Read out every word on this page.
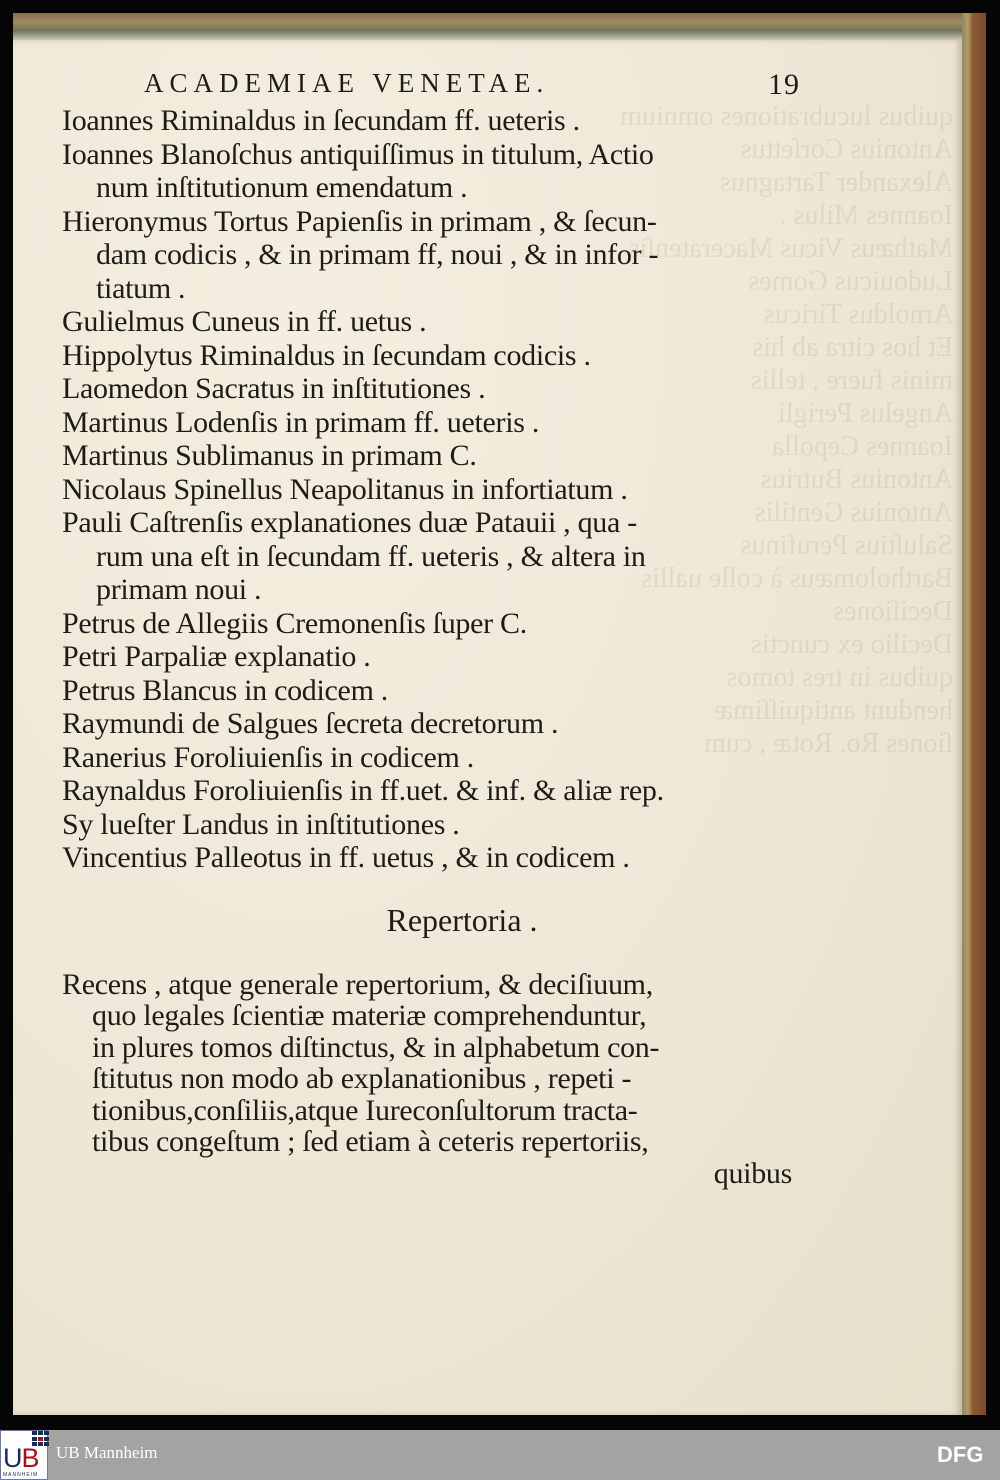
quibus lucubrationes omnium
Antonius Corſettus
Alexander Tartagnus
Ioannes Milus .
Mathæus Vicus Maceratenſis
Ludouicus Gomes
Arnoldus Tiricus
Et hos citra ab his
minis fuere , tellis
Angelus Perigli
Ioannes Cepolla
Antonius Butrius
Antonius Gentilis
Saluſtius Perufinus
Bartholomæus à colle uallis
Deciſiones
Decilio ex cunctis
quibus in tres tomos
hendunt antiquiſſimæ
ſiones Ro. Rotæ , cum
ACADEMIAE VENETAE.	19
Ioannes Riminaldus in ſecundam ff. ueteris .
Ioannes Blanoſchus antiquiſſimus in titulum, Actio
num inſtitutionum emendatum .
Hieronymus Tortus Papienſis in primam , & ſecun-
dam codicis , & in primam ff, noui , & in infor -
tiatum .
Gulielmus Cuneus in ff. uetus .
Hippolytus Riminaldus in ſecundam codicis .
Laomedon Sacratus in inſtitutiones .
Martinus Lodenſis in primam ff. ueteris .
Martinus Sublimanus in primam C.
Nicolaus Spinellus Neapolitanus in infortiatum .
Pauli Caſtrenſis explanationes duæ Patauii , qua -
rum una eſt in ſecundam ff. ueteris , & altera in
primam noui .
Petrus de Allegiis Cremonenſis ſuper C.
Petri Parpaliæ explanatio .
Petrus Blancus in codicem .
Raymundi de Salgues ſecreta decretorum .
Ranerius Foroliuienſis in codicem .
Raynaldus Foroliuienſis in ff.uet. & inf. & aliæ rep.
Sy lueſter Landus in inſtitutiones .
Vincentius Palleotus in ff. uetus , & in codicem .
Repertoria .
Recens , atque generale repertorium, & deciſiuum,
quo legales ſcientiæ materiæ comprehenduntur,
in plures tomos diſtinctus, & in alphabetum con-
ſtitutus non modo ab explanationibus , repeti -
tionibus,conſiliis,atque Iureconſultorum tracta-
tibus congeſtum ; ſed etiam à ceteris repertoriis,
quibus
UB
MANNHEIM
UB Mannheim	DFG
